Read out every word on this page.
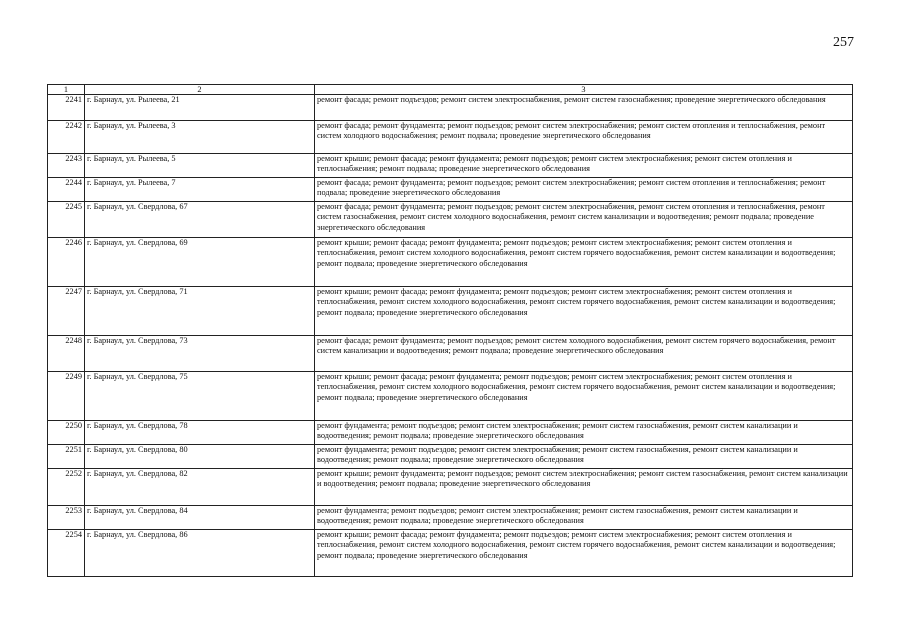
257
1	2	3
2241	г. Барнаул, ул. Рылеева, 21	ремонт фасада; ремонт подъездов; ремонт систем электроснабжения, ремонт систем газоснабжения; проведение энергетического обследования
2242	г. Барнаул, ул. Рылеева, 3	ремонт фасада; ремонт фундамента; ремонт подъездов; ремонт систем электроснабжения; ремонт систем отопления и теплоснабжения, ремонт систем холодного водоснабжения; ремонт подвала; проведение энергетического обследования
2243	г. Барнаул, ул. Рылеева, 5	ремонт крыши; ремонт фасада; ремонт фундамента; ремонт подъездов; ремонт систем электроснабжения; ремонт систем отопления и теплоснабжения; ремонт подвала; проведение энергетического обследования
2244	г. Барнаул, ул. Рылеева, 7	ремонт фасада; ремонт фундамента; ремонт подъездов; ремонт систем электроснабжения; ремонт систем отопления и теплоснабжения; ремонт подвала; проведение энергетического обследования
2245	г. Барнаул, ул. Свердлова, 67	ремонт фасада; ремонт фундамента; ремонт подъездов; ремонт систем электроснабжения, ремонт систем отопления и теплоснабжения, ремонт систем газоснабжения, ремонт систем холодного водоснабжения, ремонт систем канализации и водоотведения; ремонт подвала; проведение энергетического обследования
2246	г. Барнаул, ул. Свердлова, 69	ремонт крыши; ремонт фасада; ремонт фундамента; ремонт подъездов; ремонт систем электроснабжения; ремонт систем отопления и теплоснабжения, ремонт систем холодного водоснабжения, ремонт систем горячего водоснабжения, ремонт систем канализации и водоотведения; ремонт подвала; проведение энергетического обследования
2247	г. Барнаул, ул. Свердлова, 71	ремонт крыши; ремонт фасада; ремонт фундамента; ремонт подъездов; ремонт систем электроснабжения; ремонт систем отопления и теплоснабжения, ремонт систем холодного водоснабжения, ремонт систем горячего водоснабжения, ремонт систем канализации и водоотведения; ремонт подвала; проведение энергетического обследования
2248	г. Барнаул, ул. Свердлова, 73	ремонт фасада; ремонт фундамента; ремонт подъездов; ремонт систем холодного водоснабжения, ремонт систем горячего водоснабжения, ремонт систем канализации и водоотведения; ремонт подвала; проведение энергетического обследования
2249	г. Барнаул, ул. Свердлова, 75	ремонт крыши; ремонт фасада; ремонт фундамента; ремонт подъездов; ремонт систем электроснабжения; ремонт систем отопления и теплоснабжения, ремонт систем холодного водоснабжения, ремонт систем горячего водоснабжения, ремонт систем канализации и водоотведения; ремонт подвала; проведение энергетического обследования
2250	г. Барнаул, ул. Свердлова, 78	ремонт фундамента; ремонт подъездов; ремонт систем электроснабжения; ремонт систем газоснабжения, ремонт систем канализации и водоотведения; ремонт подвала; проведение энергетического обследования
2251	г. Барнаул, ул. Свердлова, 80	ремонт фундамента; ремонт подъездов; ремонт систем электроснабжения; ремонт систем газоснабжения, ремонт систем канализации и водоотведения; ремонт подвала; проведение энергетического обследования
2252	г. Барнаул, ул. Свердлова, 82	ремонт крыши; ремонт фундамента; ремонт подъездов; ремонт систем электроснабжения; ремонт систем газоснабжения, ремонт систем канализации и водоотведения; ремонт подвала; проведение энергетического обследования
2253	г. Барнаул, ул. Свердлова, 84	ремонт фундамента; ремонт подъездов; ремонт систем электроснабжения; ремонт систем газоснабжения, ремонт систем канализации и водоотведения; ремонт подвала; проведение энергетического обследования
2254	г. Барнаул, ул. Свердлова, 86	ремонт крыши; ремонт фасада; ремонт фундамента; ремонт подъездов; ремонт систем электроснабжения; ремонт систем отопления и теплоснабжения, ремонт систем холодного водоснабжения, ремонт систем горячего водоснабжения, ремонт систем канализации и водоотведения; ремонт подвала; проведение энергетического обследования
